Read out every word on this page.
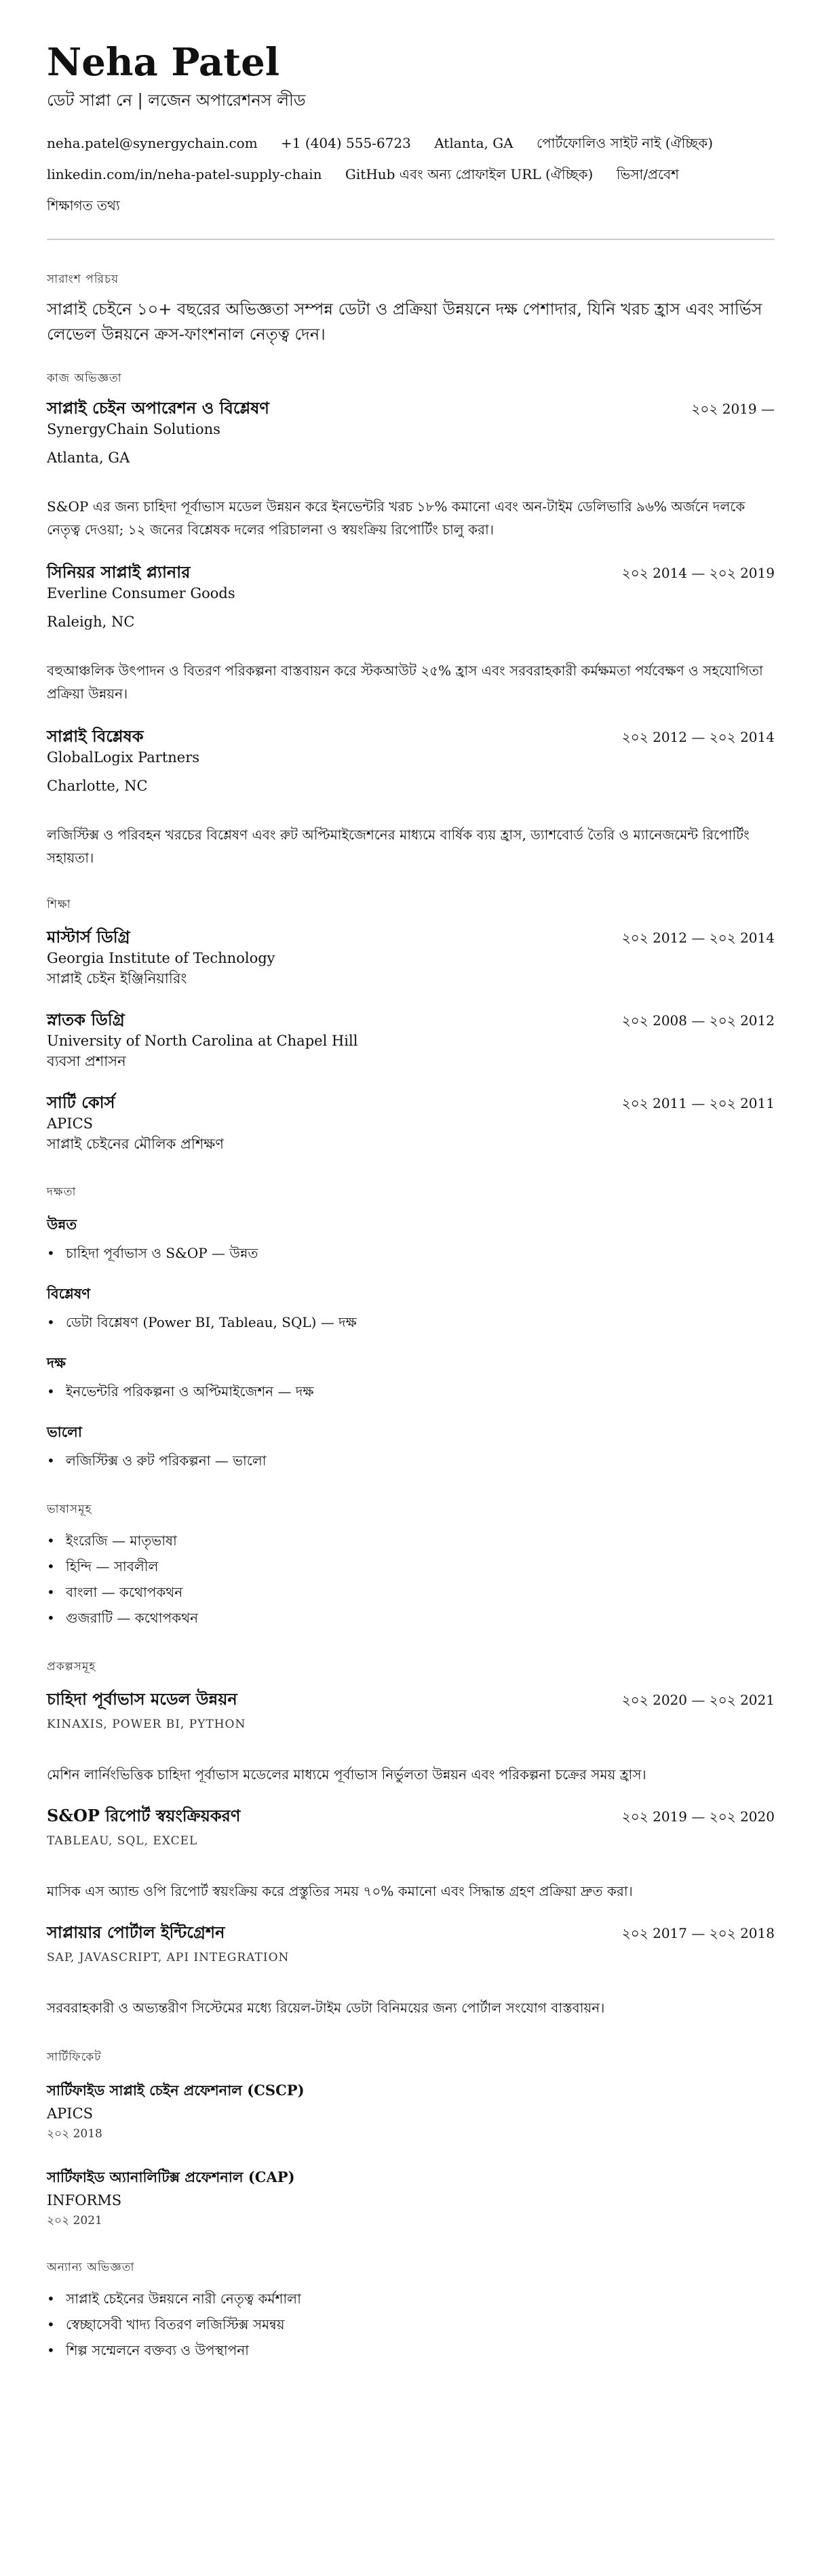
Neha Patel
ডেট সাপ্লা নে | লজেন অপারেশনস লীড
neha.patel@synergychain.com +1 (404) 555-6723 Atlanta, GA পোর্টফোলিও সাইট নাই (ঐচ্ছিক) linkedin.com/in/neha-patel-supply-chain GitHub এবং অন্য প্রোফাইল URL (ঐচ্ছিক) ভিসা/প্রবেশ শিক্ষাগত তথ্য
সারাংশ পরিচয়
সাপ্লাই চেইনে ১০+ বছরের অভিজ্ঞতা সম্পন্ন ডেটা ও প্রক্রিয়া উন্নয়নে দক্ষ পেশাদার, যিনি খরচ হ্রাস এবং সার্ভিস লেভেল উন্নয়নে ক্রস-ফাংশনাল নেতৃত্ব দেন।
কাজ অভিজ্ঞতা
সাপ্লাই চেইন অপারেশন ও বিশ্লেষণ	২০২ 2019 —
SynergyChain Solutions
Atlanta, GA
S&OP এর জন্য চাহিদা পূর্বাভাস মডেল উন্নয়ন করে ইনভেন্টরি খরচ ১৮% কমানো এবং অন-টাইম ডেলিভারি ৯৬% অর্জনে দলকে নেতৃত্ব দেওয়া; ১২ জনের বিশ্লেষক দলের পরিচালনা ও স্বয়ংক্রিয় রিপোর্টিং চালু করা।
সিনিয়র সাপ্লাই প্ল্যানার	২০২ 2014 — ২০২ 2019
Everline Consumer Goods
Raleigh, NC
বহুআঞ্চলিক উৎপাদন ও বিতরণ পরিকল্পনা বাস্তবায়ন করে স্টকআউট ২৫% হ্রাস এবং সরবরাহকারী কর্মক্ষমতা পর্যবেক্ষণ ও সহযোগিতা প্রক্রিয়া উন্নয়ন।
সাপ্লাই বিশ্লেষক	২০২ 2012 — ২০২ 2014
GlobalLogix Partners
Charlotte, NC
লজিস্টিক্স ও পরিবহন খরচের বিশ্লেষণ এবং রুট অপ্টিমাইজেশনের মাধ্যমে বার্ষিক ব্যয় হ্রাস, ড্যাশবোর্ড তৈরি ও ম্যানেজমেন্ট রিপোর্টিং সহায়তা।
শিক্ষা
মাস্টার্স ডিগ্রি	২০২ 2012 — ২০২ 2014
Georgia Institute of Technology
সাপ্লাই চেইন ইঞ্জিনিয়ারিং
স্নাতক ডিগ্রি	২০২ 2008 — ২০২ 2012
University of North Carolina at Chapel Hill
ব্যবসা প্রশাসন
সার্টি কোর্স	২০২ 2011 — ২০২ 2011
APICS
সাপ্লাই চেইনের মৌলিক প্রশিক্ষণ
দক্ষতা
উন্নত
• চাহিদা পূর্বাভাস ও S&OP — উন্নত
বিশ্লেষণ
• ডেটা বিশ্লেষণ (Power BI, Tableau, SQL) — দক্ষ
দক্ষ
• ইনভেন্টরি পরিকল্পনা ও অপ্টিমাইজেশন — দক্ষ
ভালো
• লজিস্টিক্স ও রুট পরিকল্পনা — ভালো
ভাষাসমূহ
• ইংরেজি — মাতৃভাষা
• হিন্দি — সাবলীল
• বাংলা — কথোপকথন
• গুজরাটি — কথোপকথন
প্রকল্পসমূহ
চাহিদা পূর্বাভাস মডেল উন্নয়ন	২০২ 2020 — ২০২ 2021
KINAXIS, POWER BI, PYTHON
মেশিন লার্নিংভিত্তিক চাহিদা পূর্বাভাস মডেলের মাধ্যমে পূর্বাভাস নির্ভুলতা উন্নয়ন এবং পরিকল্পনা চক্রের সময় হ্রাস।
S&OP রিপোর্ট স্বয়ংক্রিয়করণ	২০২ 2019 — ২০২ 2020
TABLEAU, SQL, EXCEL
মাসিক এস অ্যান্ড ওপি রিপোর্ট স্বয়ংক্রিয় করে প্রস্তুতির সময় ৭০% কমানো এবং সিদ্ধান্ত গ্রহণ প্রক্রিয়া দ্রুত করা।
সাপ্লায়ার পোর্টাল ইন্টিগ্রেশন	২০২ 2017 — ২০২ 2018
SAP, JAVASCRIPT, API INTEGRATION
সরবরাহকারী ও অভ্যন্তরীণ সিস্টেমের মধ্যে রিয়েল-টাইম ডেটা বিনিময়ের জন্য পোর্টাল সংযোগ বাস্তবায়ন।
সার্টিফিকেট
সার্টিফাইড সাপ্লাই চেইন প্রফেশনাল (CSCP)
APICS
২০২ 2018
সার্টিফাইড অ্যানালিটিক্স প্রফেশনাল (CAP)
INFORMS
২০২ 2021
অন্যান্য অভিজ্ঞতা
• সাপ্লাই চেইনের উন্নয়নে নারী নেতৃত্ব কর্মশালা
• স্বেচ্ছাসেবী খাদ্য বিতরণ লজিস্টিক্স সমন্বয়
• শিল্প সম্মেলনে বক্তব্য ও উপস্থাপনা
